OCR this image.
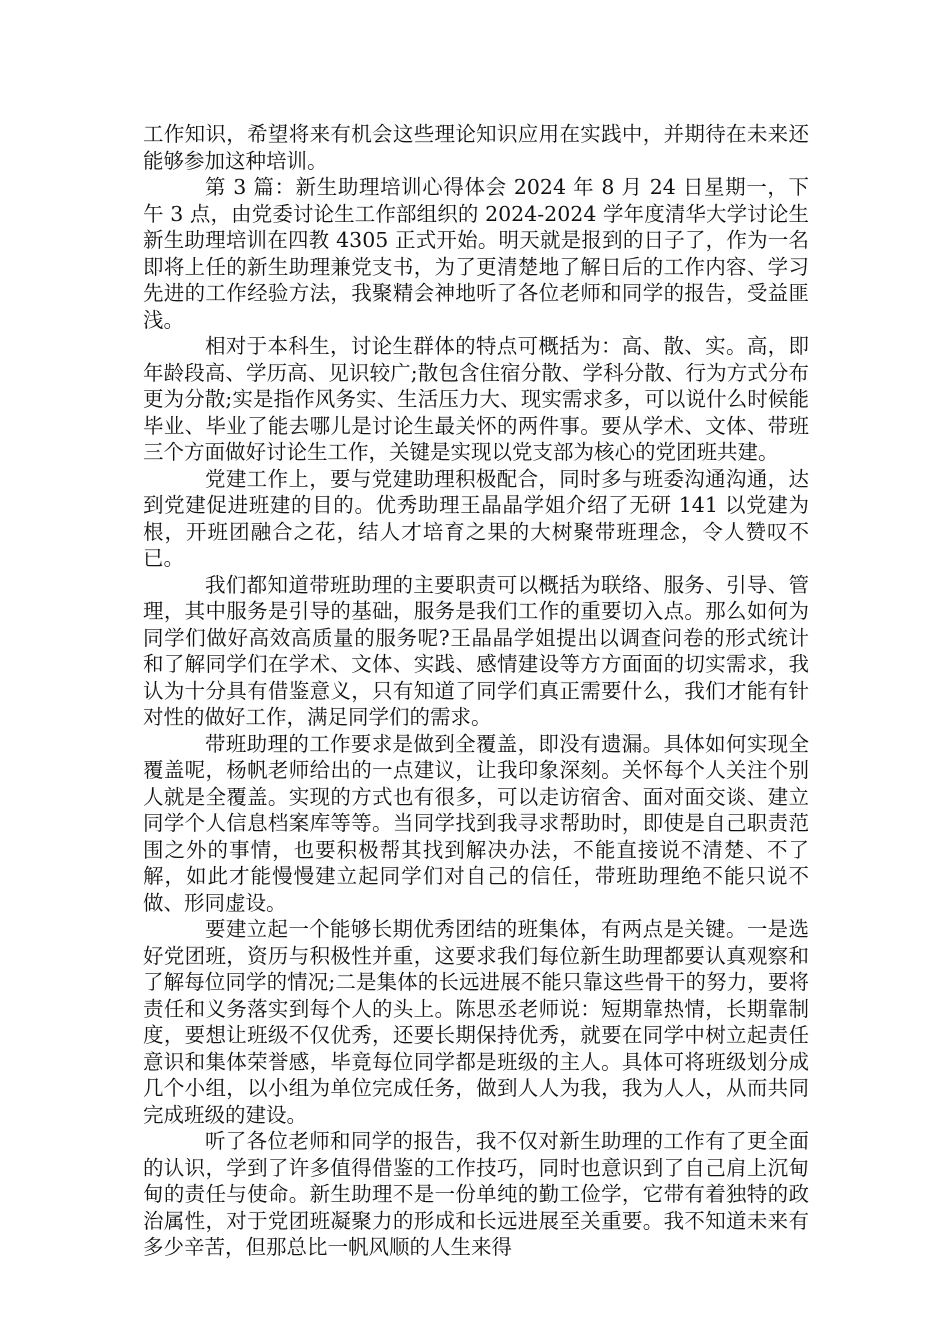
工作知识，希望将来有机会这些理论知识应用在实践中，并期待在未来还能够参加这种培训。

第 3 篇：新生助理培训心得体会 2024 年 8 月 24 日星期一，下午 3 点，由党委讨论生工作部组织的 2024-2024 学年度清华大学讨论生新生助理培训在四教 4305 正式开始。明天就是报到的日子了，作为一名即将上任的新生助理兼党支书，为了更清楚地了解日后的工作内容、学习先进的工作经验方法，我聚精会神地听了各位老师和同学的报告，受益匪浅。

相对于本科生，讨论生群体的特点可概括为：高、散、实。高，即年龄段高、学历高、见识较广;散包含住宿分散、学科分散、行为方式分布更为分散;实是指作风务实、生活压力大、现实需求多，可以说什么时候能毕业、毕业了能去哪儿是讨论生最关怀的两件事。要从学术、文体、带班三个方面做好讨论生工作，关键是实现以党支部为核心的党团班共建。

党建工作上，要与党建助理积极配合，同时多与班委沟通沟通，达到党建促进班建的目的。优秀助理王晶晶学姐介绍了无研 141 以党建为根，开班团融合之花，结人才培育之果的大树聚带班理念，令人赞叹不已。

我们都知道带班助理的主要职责可以概括为联络、服务、引导、管理，其中服务是引导的基础，服务是我们工作的重要切入点。那么如何为同学们做好高效高质量的服务呢?王晶晶学姐提出以调查问卷的形式统计和了解同学们在学术、文体、实践、感情建设等方方面面的切实需求，我认为十分具有借鉴意义，只有知道了同学们真正需要什么，我们才能有针对性的做好工作，满足同学们的需求。

带班助理的工作要求是做到全覆盖，即没有遗漏。具体如何实现全覆盖呢，杨帆老师给出的一点建议，让我印象深刻。关怀每个人关注个别人就是全覆盖。实现的方式也有很多，可以走访宿舍、面对面交谈、建立同学个人信息档案库等等。当同学找到我寻求帮助时，即使是自己职责范围之外的事情，也要积极帮其找到解决办法，不能直接说不清楚、不了解，如此才能慢慢建立起同学们对自己的信任，带班助理绝不能只说不做、形同虚设。

要建立起一个能够长期优秀团结的班集体，有两点是关键。一是选好党团班，资历与积极性并重，这要求我们每位新生助理都要认真观察和了解每位同学的情况;二是集体的长远进展不能只靠这些骨干的努力，要将责任和义务落实到每个人的头上。陈思丞老师说：短期靠热情，长期靠制度，要想让班级不仅优秀，还要长期保持优秀，就要在同学中树立起责任意识和集体荣誉感，毕竟每位同学都是班级的主人。具体可将班级划分成几个小组，以小组为单位完成任务，做到人人为我，我为人人，从而共同完成班级的建设。

听了各位老师和同学的报告，我不仅对新生助理的工作有了更全面的认识，学到了许多值得借鉴的工作技巧，同时也意识到了自己肩上沉甸甸的责任与使命。新生助理不是一份单纯的勤工俭学，它带有着独特的政治属性，对于党团班凝聚力的形成和长远进展至关重要。我不知道未来有多少辛苦，但那总比一帆风顺的人生来得
